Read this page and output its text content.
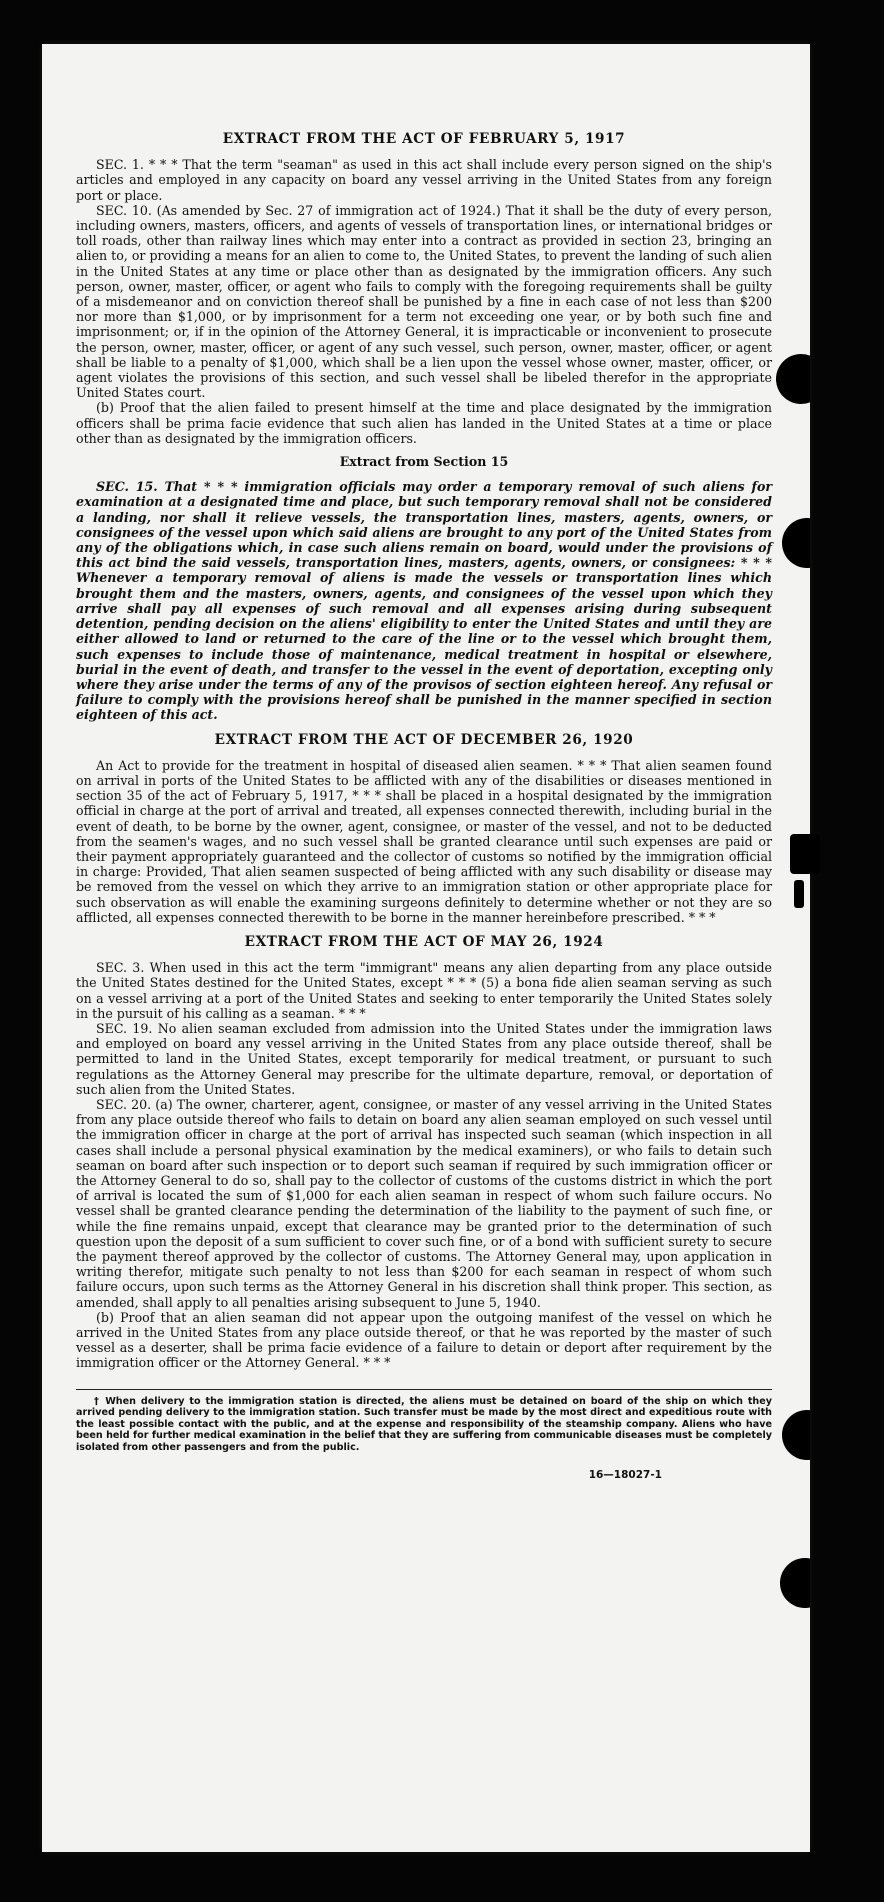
EXTRACT FROM THE ACT OF FEBRUARY 5, 1917

SEC. 1. * * * That the term "seaman" as used in this act shall include every person signed on the ship's articles and employed in any capacity on board any vessel arriving in the United States from any foreign port or place.

SEC. 10. (As amended by Sec. 27 of immigration act of 1924.) That it shall be the duty of every person, including owners, masters, officers, and agents of vessels of transportation lines, or international bridges or toll roads, other than railway lines which may enter into a contract as provided in section 23, bringing an alien to, or providing a means for an alien to come to, the United States, to prevent the landing of such alien in the United States at any time or place other than as designated by the immigration officers. Any such person, owner, master, officer, or agent who fails to comply with the foregoing requirements shall be guilty of a misdemeanor and on conviction thereof shall be punished by a fine in each case of not less than $200 nor more than $1,000, or by imprisonment for a term not exceeding one year, or by both such fine and imprisonment; or, if in the opinion of the Attorney General, it is impracticable or inconvenient to prosecute the person, owner, master, officer, or agent of any such vessel, such person, owner, master, officer, or agent shall be liable to a penalty of $1,000, which shall be a lien upon the vessel whose owner, master, officer, or agent violates the provisions of this section, and such vessel shall be libeled therefor in the appropriate United States court.

(b) Proof that the alien failed to present himself at the time and place designated by the immigration officers shall be prima facie evidence that such alien has landed in the United States at a time or place other than as designated by the immigration officers.

Extract from Section 15

SEC. 15. That * * * immigration officials may order a temporary removal of such aliens for examination at a designated time and place, but such temporary removal shall not be considered a landing, nor shall it relieve vessels, the transportation lines, masters, agents, owners, or consignees of the vessel upon which said aliens are brought to any port of the United States from any of the obligations which, in case such aliens remain on board, would under the provisions of this act bind the said vessels, transportation lines, masters, agents, owners, or consignees: * * * Whenever a temporary removal of aliens is made the vessels or transportation lines which brought them and the masters, owners, agents, and consignees of the vessel upon which they arrive shall pay all expenses of such removal and all expenses arising during subsequent detention, pending decision on the aliens' eligibility to enter the United States and until they are either allowed to land or returned to the care of the line or to the vessel which brought them, such expenses to include those of maintenance, medical treatment in hospital or elsewhere, burial in the event of death, and transfer to the vessel in the event of deportation, excepting only where they arise under the terms of any of the provisos of section eighteen hereof. Any refusal or failure to comply with the provisions hereof shall be punished in the manner specified in section eighteen of this act.

EXTRACT FROM THE ACT OF DECEMBER 26, 1920

An Act to provide for the treatment in hospital of diseased alien seamen. * * * That alien seamen found on arrival in ports of the United States to be afflicted with any of the disabilities or diseases mentioned in section 35 of the act of February 5, 1917, * * * shall be placed in a hospital designated by the immigration official in charge at the port of arrival and treated, all expenses connected therewith, including burial in the event of death, to be borne by the owner, agent, consignee, or master of the vessel, and not to be deducted from the seamen's wages, and no such vessel shall be granted clearance until such expenses are paid or their payment appropriately guaranteed and the collector of customs so notified by the immigration official in charge: Provided, That alien seamen suspected of being afflicted with any such disability or disease may be removed from the vessel on which they arrive to an immigration station or other appropriate place for such observation as will enable the examining surgeons definitely to determine whether or not they are so afflicted, all expenses connected therewith to be borne in the manner hereinbefore prescribed. * * *

EXTRACT FROM THE ACT OF MAY 26, 1924

SEC. 3. When used in this act the term "immigrant" means any alien departing from any place outside the United States destined for the United States, except * * * (5) a bona fide alien seaman serving as such on a vessel arriving at a port of the United States and seeking to enter temporarily the United States solely in the pursuit of his calling as a seaman. * * *

SEC. 19. No alien seaman excluded from admission into the United States under the immigration laws and employed on board any vessel arriving in the United States from any place outside thereof, shall be permitted to land in the United States, except temporarily for medical treatment, or pursuant to such regulations as the Attorney General may prescribe for the ultimate departure, removal, or deportation of such alien from the United States.

SEC. 20. (a) The owner, charterer, agent, consignee, or master of any vessel arriving in the United States from any place outside thereof who fails to detain on board any alien seaman employed on such vessel until the immigration officer in charge at the port of arrival has inspected such seaman (which inspection in all cases shall include a personal physical examination by the medical examiners), or who fails to detain such seaman on board after such inspection or to deport such seaman if required by such immigration officer or the Attorney General to do so, shall pay to the collector of customs of the customs district in which the port of arrival is located the sum of $1,000 for each alien seaman in respect of whom such failure occurs. No vessel shall be granted clearance pending the determination of the liability to the payment of such fine, or while the fine remains unpaid, except that clearance may be granted prior to the determination of such question upon the deposit of a sum sufficient to cover such fine, or of a bond with sufficient surety to secure the payment thereof approved by the collector of customs. The Attorney General may, upon application in writing therefor, mitigate such penalty to not less than $200 for each seaman in respect of whom such failure occurs, upon such terms as the Attorney General in his discretion shall think proper. This section, as amended, shall apply to all penalties arising subsequent to June 5, 1940.

(b) Proof that an alien seaman did not appear upon the outgoing manifest of the vessel on which he arrived in the United States from any place outside thereof, or that he was reported by the master of such vessel as a deserter, shall be prima facie evidence of a failure to detain or deport after requirement by the immigration officer or the Attorney General. * * *

† When delivery to the immigration station is directed, the aliens must be detained on board of the ship on which they arrived pending delivery to the immigration station. Such transfer must be made by the most direct and expeditious route with the least possible contact with the public, and at the expense and responsibility of the steamship company. Aliens who have been held for further medical examination in the belief that they are suffering from communicable diseases must be completely isolated from other passengers and from the public.

16—18027-1
